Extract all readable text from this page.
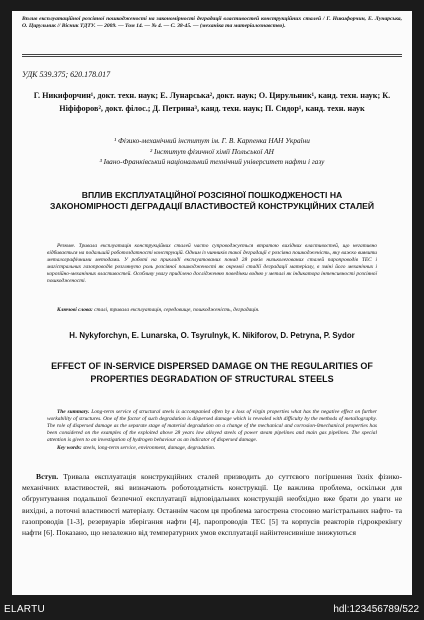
Вплив експлуатаційної розсіяної пошкодженості на закономірності деградації властивостей конструкційних сталей / Г. Никифорчин, Е. Лунарська, О. Цирульник // Вісник ТДТУ. — 2009. — Том 14. — № 4. — С. 38-45. — (механіка та матеріалознавство).
УДК 539.375; 620.178.017
Г. Никифорчин¹, докт. техн. наук; Е. Лунарська², докт. наук; О. Цирульник¹, канд. техн. наук; К. Ніфіфоров², докт. філос.; Д. Петрина³, канд. техн. наук; П. Сидор¹, канд. техн. наук
¹ Фізико-механічний інститут ім. Г. В. Карпенка НАН України
² Інститут фізичної хімії Польської АН
³ Івано-Франківський національний технічний університет нафти і газу
ВПЛИВ ЕКСПЛУАТАЦІЙНОЇ РОЗСІЯНОЇ ПОШКОДЖЕНОСТІ НА ЗАКОНОМІРНОСТІ ДЕГРАДАЦІЇ ВЛАСТИВОСТЕЙ КОНСТРУКЦІЙНИХ СТАЛЕЙ
Резюме. Тривала експлуатація конструкційних сталей часто супроводжується втратою вихідних властивостей, що негативно відбивається на подальшій роботоздатності конструкцій. Одним із чинників такої деградації є розсіяна пошкодженість, яку важко виявити металографічними методами. У роботі на прикладі експлуатованих понад 28 років низьколегованих сталей паропроводів ТЕС і магістральних газопроводів розглянуто роль розсіяної пошкодженості як окремої стадії деградації матеріалу, в зміні його механічних і корозійно-механічних властивостей. Особливу увагу приділено дослідженню поведінки водню у металі як індикатора інтенсивності розсіяної пошкодженості.
Ключові слова: сталі, тривала експлуатація, середовище, пошкодженість, деградація.
H. Nykyforchyn, E. Lunarska, O. Tsyrulnyk, K. Nikiforov, D. Petryna, P. Sydor
EFFECT OF IN-SERVICE DISPERSED DAMAGE ON THE REGULARITIES OF PROPERTIES DEGRADATION OF STRUCTURAL STEELS
The summary. Long-term service of structural steels is accompanied often by a loss of virgin properties what has the negative effect on further workability of structures. One of the factor of such degradation is dispersed damage which is revealed with difficulty by the methods of metallography. The role of dispersed damage as the separate stage of material degradation on a change of the mechanical and corrosion-0mechanical properties has been considered on the examples of the exploited above 28 years low alloyed steels of power steam pipelines and main gas pipelines. The special attention is given to an investigation of hydrogen behaviour as an indicator of dispersed damage.
Key words: steels, long-term service, environment, damage, degradation.
Вступ. Тривала експлуатація конструкційних сталей призводить до суттєвого погіршення їхніх фізико-механічних властивостей, які визначають роботоздатність конструкції. Це важлива проблема, оскільки для обґрунтування подальшої безпечної експлуатації відповідальних конструкцій необхідно вже брати до уваги не вихідні, а поточні властивості матеріалу. Останнім часом ця проблема загострена стосовно магістральних нафто- та газопроводів [1-3], резервуарів зберігання нафти [4], паропроводів ТЕС [5] та корпусів реакторів гідрокрекінгу нафти [6]. Показано, що незалежно від температурних умов експлуатації найінтенсивніше знижуються
ELARTU	hdl:123456789/522
